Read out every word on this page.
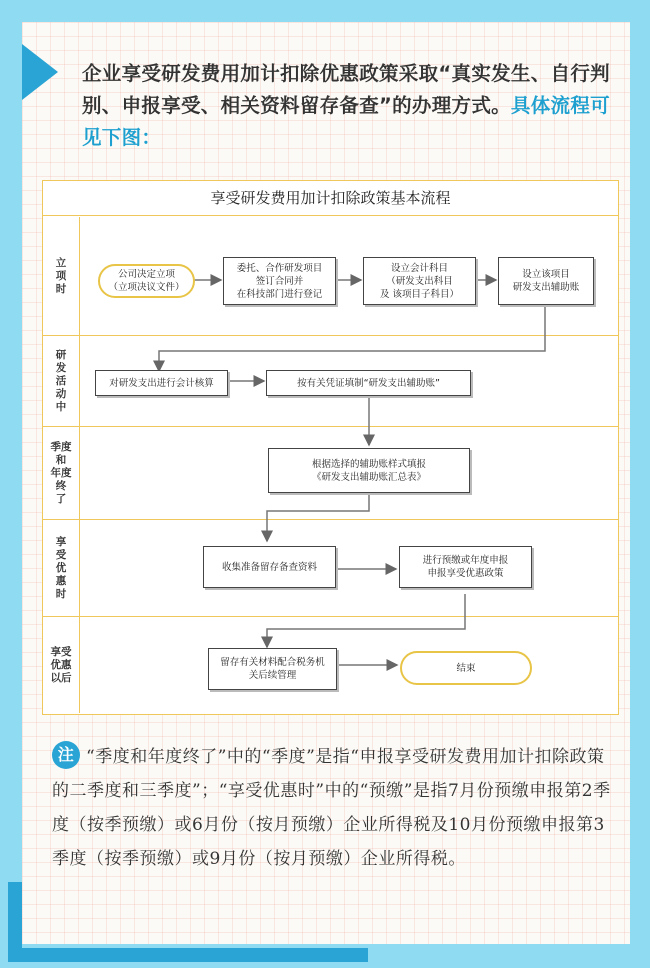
企业享受研发费用加计扣除优惠政策采取“真实发生、自行判别、申报享受、相关资料留存备查”的办理方式。具体流程可见下图：
享受研发费用加计扣除政策基本流程
立
项
时
研
发
活
动
中
季度
和
年度
终
了
享
受
优
惠
时
享受
优惠
以后
公司决定立项
（立项决议文件）
委托、合作研发项目
签订合同并
在科技部门进行登记
设立会计科目
（研发支出科目
及 该项目子科目）
设立该项目
研发支出辅助账
对研发支出进行会计核算	按有关凭证填制“研发支出辅助账”
根据选择的辅助账样式填报
《研发支出辅助账汇总表》
收集准备留存备查资料
进行预缴或年度申报
申报享受优惠政策
留存有关材料配合税务机
关后续管理
结束
注 “季度和年度终了”中的“季度”是指“申报享受研发费用加计扣除政策的二季度和三季度”；“享受优惠时”中的“预缴”是指7月份预缴申报第2季度（按季预缴）或6月份（按月预缴）企业所得税及10月份预缴申报第3季度（按季预缴）或9月份（按月预缴）企业所得税。
